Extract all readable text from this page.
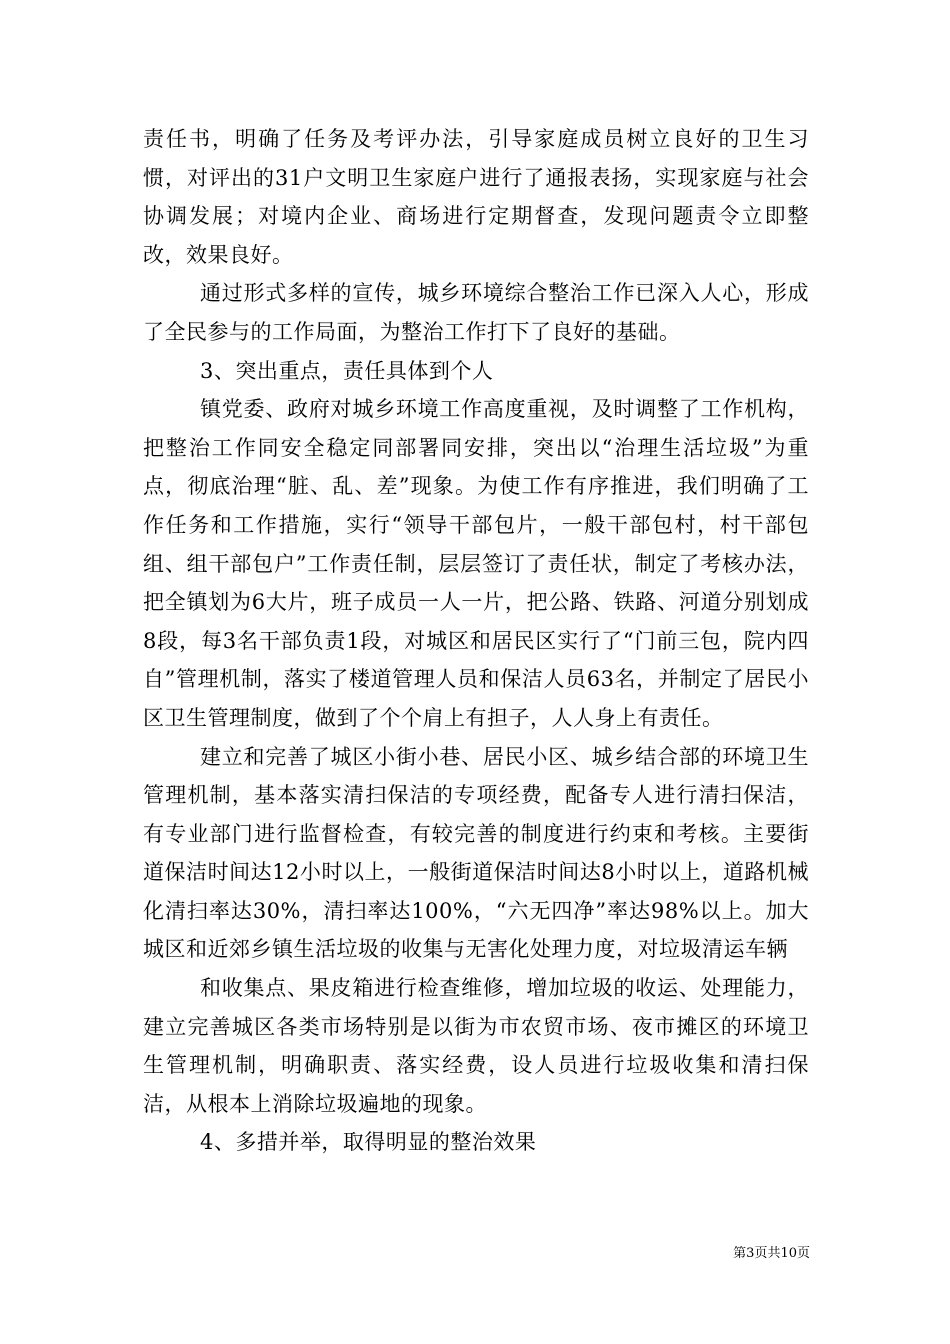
责任书，明确了任务及考评办法，引导家庭成员树立良好的卫生习惯，对评出的31户文明卫生家庭户进行了通报表扬，实现家庭与社会协调发展；对境内企业、商场进行定期督查，发现问题责令立即整改，效果良好。

通过形式多样的宣传，城乡环境综合整治工作已深入人心，形成了全民参与的工作局面，为整治工作打下了良好的基础。

3、突出重点，责任具体到个人

镇党委、政府对城乡环境工作高度重视，及时调整了工作机构，把整治工作同安全稳定同部署同安排，突出以“治理生活垃圾”为重点，彻底治理“脏、乱、差”现象。为使工作有序推进，我们明确了工作任务和工作措施，实行“领导干部包片，一般干部包村，村干部包组、组干部包户”工作责任制，层层签订了责任状，制定了考核办法，把全镇划为6大片，班子成员一人一片，把公路、铁路、河道分别划成8段，每3名干部负责1段，对城区和居民区实行了“门前三包，院内四自”管理机制，落实了楼道管理人员和保洁人员63名，并制定了居民小区卫生管理制度，做到了个个肩上有担子，人人身上有责任。

建立和完善了城区小街小巷、居民小区、城乡结合部的环境卫生管理机制，基本落实清扫保洁的专项经费，配备专人进行清扫保洁，有专业部门进行监督检查，有较完善的制度进行约束和考核。主要街道保洁时间达12小时以上，一般街道保洁时间达8小时以上，道路机械化清扫率达30%，清扫率达100%，“六无四净”率达98%以上。加大城区和近郊乡镇生活垃圾的收集与无害化处理力度，对垃圾清运车辆

和收集点、果皮箱进行检查维修，增加垃圾的收运、处理能力，建立完善城区各类市场特别是以街为市农贸市场、夜市摊区的环境卫生管理机制，明确职责、落实经费，设人员进行垃圾收集和清扫保洁，从根本上消除垃圾遍地的现象。

4、多措并举，取得明显的整治效果

第3页共10页
